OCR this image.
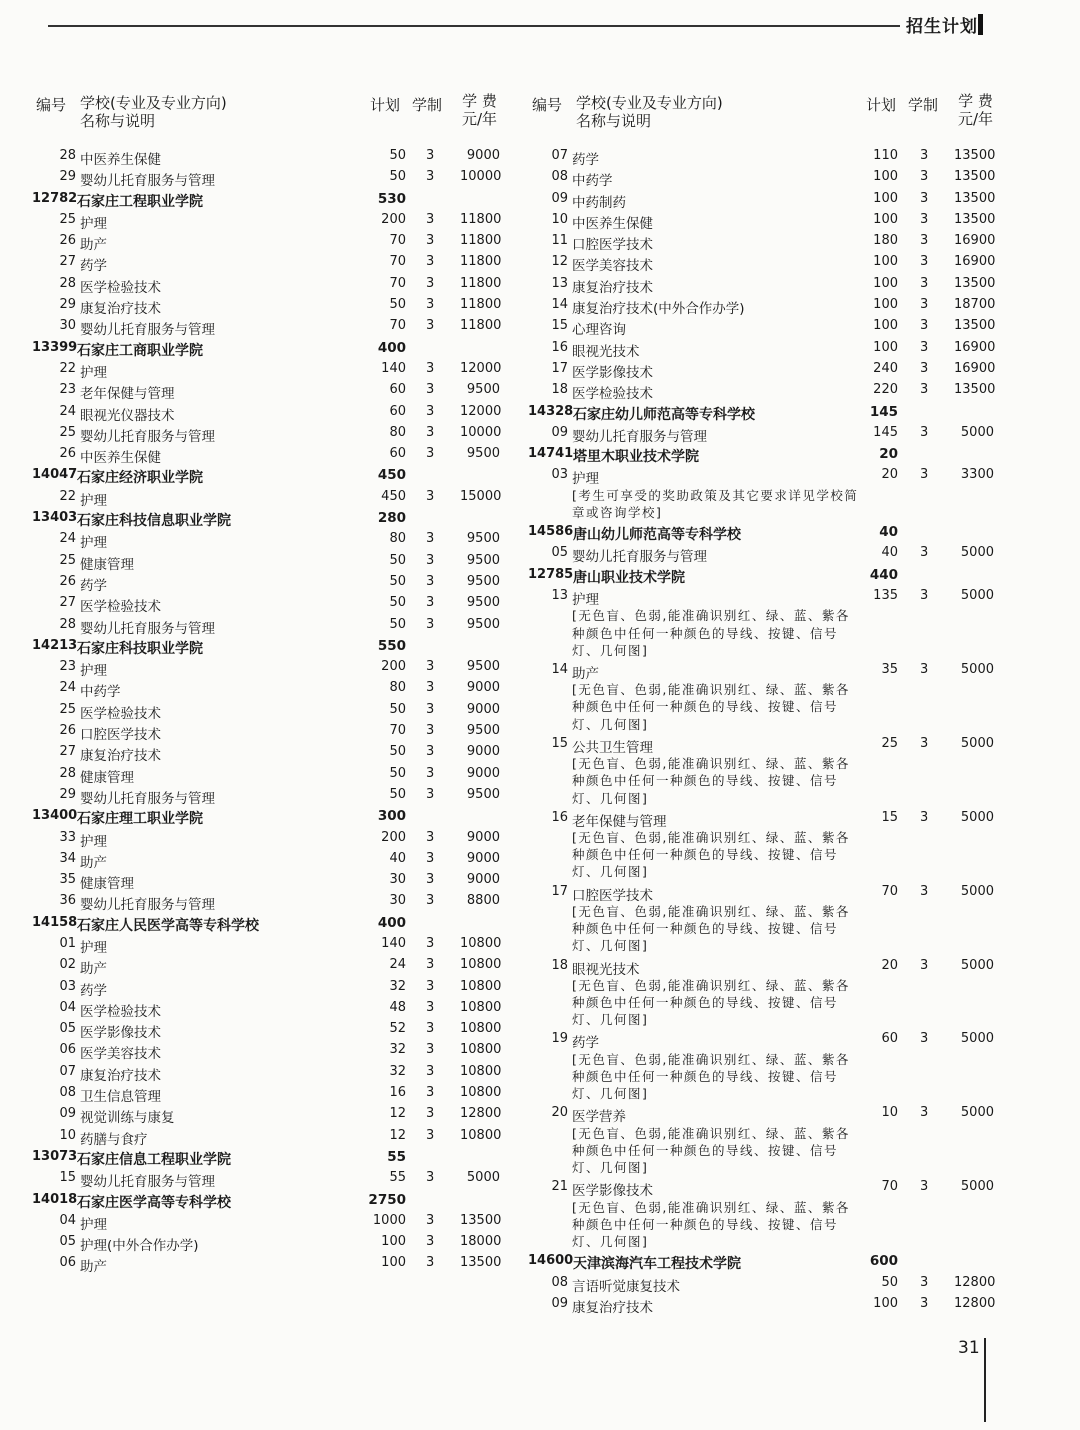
招生计划
编号 学校(专业及专业方向)
名称与说明
计划 学制 学 费
元/年
28 中医养生保健	50 3	9000
29 婴幼儿托育服务与管理	50 3 10000
12782 石家庄工程职业学院	530
25 护理	200 3 11800
26 助产	70 3 11800
27 药学	70 3 11800
28 医学检验技术	70 3 11800
29 康复治疗技术	50 3 11800
30 婴幼儿托育服务与管理	70 3 11800
13399 石家庄工商职业学院	400
22 护理	140 3 12000
23 老年保健与管理	60 3	9500
24 眼视光仪器技术	60 3 12000
25 婴幼儿托育服务与管理	80 3 10000
26 中医养生保健	60 3	9500
14047 石家庄经济职业学院	450
22 护理	450 3 15000
13403 石家庄科技信息职业学院	280
24 护理	80 3	9500
25 健康管理	50 3	9500
26 药学	50 3	9500
27 医学检验技术	50 3	9500
28 婴幼儿托育服务与管理	50 3	9500
14213 石家庄科技职业学院	550
23 护理	200 3	9500
24 中药学	80 3	9000
25 医学检验技术	50 3	9000
26 口腔医学技术	70 3	9500
27 康复治疗技术	50 3	9000
28 健康管理	50 3	9000
29 婴幼儿托育服务与管理	50 3	9500
13400 石家庄理工职业学院	300
33 护理	200 3	9000
34 助产	40 3	9000
35 健康管理	30 3	9000
36 婴幼儿托育服务与管理	30 3	8800
14158 石家庄人民医学高等专科学校	400
01 护理	140 3 10800
02 助产	24 3 10800
03 药学	32 3 10800
04 医学检验技术	48 3 10800
05 医学影像技术	52 3 10800
06 医学美容技术	32 3 10800
07 康复治疗技术	32 3 10800
08 卫生信息管理	16 3 10800
09 视觉训练与康复	12 3 12800
10 药膳与食疗	12 3 10800
13073 石家庄信息工程职业学院	55
15 婴幼儿托育服务与管理	55 3	5000
14018 石家庄医学高等专科学校	2750
04 护理	1000 3 13500
05 护理(中外合作办学)	100 3 18000
06 助产	100 3 13500
编号 学校(专业及专业方向)
名称与说明
计划 学制 学 费
元/年
07 药学	110 3 13500
08 中药学	100 3 13500
09 中药制药	100 3 13500
10 中医养生保健	100 3 13500
11 口腔医学技术	180 3 16900
12 医学美容技术	100 3 16900
13 康复治疗技术	100 3 13500
14 康复治疗技术(中外合作办学)	100 3 18700
15 心理咨询	100 3 13500
16 眼视光技术	100 3 16900
17 医学影像技术	240 3 16900
18 医学检验技术	220 3 13500
14328 石家庄幼儿师范高等专科学校	145
09 婴幼儿托育服务与管理	145 3	5000
14741 塔里木职业技术学院	20
03 护理	20 3	3300
[考生可享受的奖助政策及其它要求详见学校简章或咨询学校]
14586 唐山幼儿师范高等专科学校	40
05 婴幼儿托育服务与管理	40 3	5000
12785 唐山职业技术学院	440
13 护理	135 3	5000
[无色盲、色弱,能准确识别红、绿、蓝、紫各种颜色中任何一种颜色的导线、按键、信号灯、几何图]
14 助产	35 3	5000
[无色盲、色弱,能准确识别红、绿、蓝、紫各种颜色中任何一种颜色的导线、按键、信号灯、几何图]
15 公共卫生管理	25 3	5000
[无色盲、色弱,能准确识别红、绿、蓝、紫各种颜色中任何一种颜色的导线、按键、信号灯、几何图]
16 老年保健与管理	15 3	5000
[无色盲、色弱,能准确识别红、绿、蓝、紫各种颜色中任何一种颜色的导线、按键、信号灯、几何图]
17 口腔医学技术	70 3	5000
[无色盲、色弱,能准确识别红、绿、蓝、紫各种颜色中任何一种颜色的导线、按键、信号灯、几何图]
18 眼视光技术	20 3	5000
[无色盲、色弱,能准确识别红、绿、蓝、紫各种颜色中任何一种颜色的导线、按键、信号灯、几何图]
19 药学	60 3	5000
[无色盲、色弱,能准确识别红、绿、蓝、紫各种颜色中任何一种颜色的导线、按键、信号灯、几何图]
20 医学营养	10 3	5000
[无色盲、色弱,能准确识别红、绿、蓝、紫各种颜色中任何一种颜色的导线、按键、信号灯、几何图]
21 医学影像技术	70 3	5000
[无色盲、色弱,能准确识别红、绿、蓝、紫各种颜色中任何一种颜色的导线、按键、信号灯、几何图]
14600 天津滨海汽车工程技术学院	600
08 言语听觉康复技术	50 3 12800
09 康复治疗技术	100 3 12800
31
